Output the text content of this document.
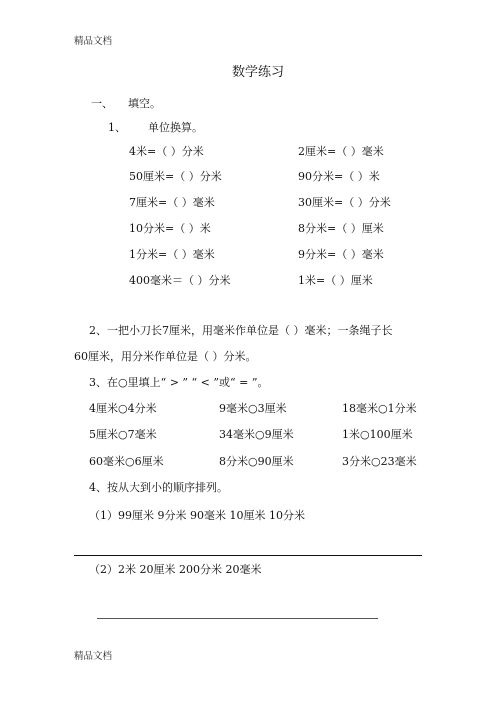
精品文档
数学练习
一、 填空。
1、 单位换算。
4米=（ ）分米	2厘米=（ ）毫米
50厘米=（ ）分米	90分米=（ ）米
7厘米=（ ）毫米	30厘米=（ ）分米
10分米=（ ）米	8分米=（ ）厘米
1分米=（ ）毫米	9分米=（ ）毫米
400毫米＝（ ）分米	1米=（ ）厘米
2、一把小刀长7厘米，用毫米作单位是（ ）毫米；一条绳子长
60厘米，用分米作单位是（ ）分米。
3、在○里填上“ > ” “ < ”或“ = ”。
4厘米○4分米	9毫米○3厘米	18毫米○1分米
5厘米○7毫米	34毫米○9厘米	1米○100厘米
60毫米○6厘米	8分米○90厘米	3分米○23毫米
4、按从大到小的顺序排列。
（1）99厘米 9分米 90毫米 10厘米 10分米
（2）2米 20厘米 200分米 20毫米
精品文档
